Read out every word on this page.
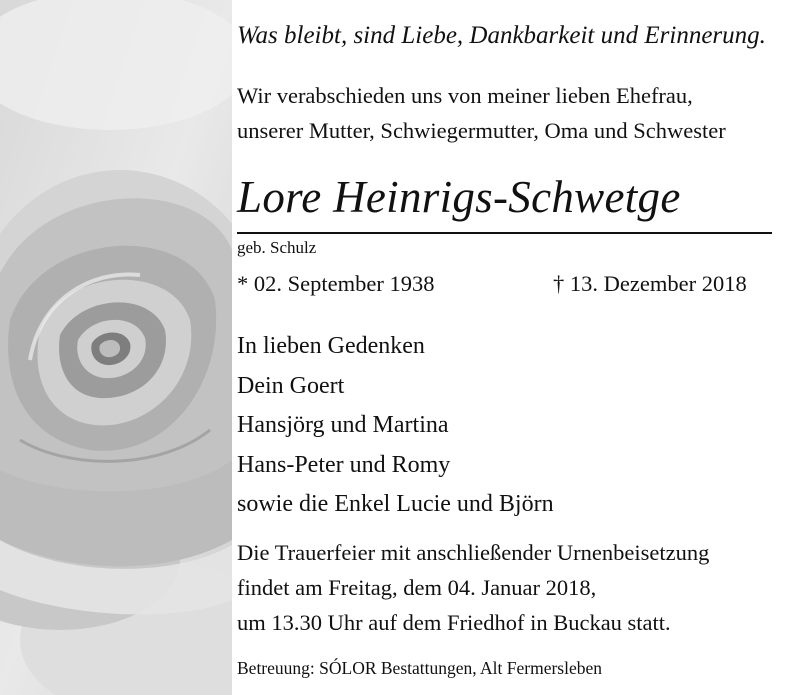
Was bleibt, sind Liebe, Dankbarkeit und Erinnerung.
Wir verabschieden uns von meiner lieben Ehefrau,
unserer Mutter, Schwiegermutter, Oma und Schwester
Lore Heinrigs-Schwetge
geb. Schulz
* 02. September 1938	† 13. Dezember 2018
In lieben Gedenken
Dein Goert
Hansjörg und Martina
Hans-Peter und Romy
sowie die Enkel Lucie und Björn
Die Trauerfeier mit anschließender Urnenbeisetzung
findet am Freitag, dem 04. Januar 2018,
um 13.30 Uhr auf dem Friedhof in Buckau statt.
Betreuung: SÓLOR Bestattungen, Alt Fermersleben
